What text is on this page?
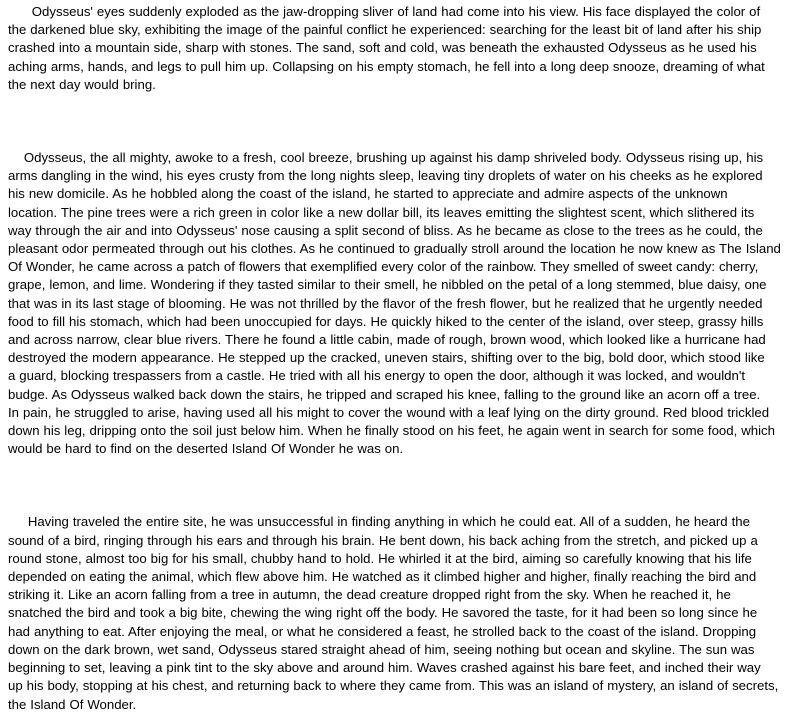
Odysseus' eyes suddenly exploded as the jaw-dropping sliver of land had come into his view. His face displayed the color of
the darkened blue sky, exhibiting the image of the painful conflict he experienced: searching for the least bit of land after his ship
crashed into a mountain side, sharp with stones. The sand, soft and cold, was beneath the exhausted Odysseus as he used his
aching arms, hands, and legs to pull him up. Collapsing on his empty stomach, he fell into a long deep snooze, dreaming of what
the next day would bring.

Odysseus, the all mighty, awoke to a fresh, cool breeze, brushing up against his damp shriveled body. Odysseus rising up, his
arms dangling in the wind, his eyes crusty from the long nights sleep, leaving tiny droplets of water on his cheeks as he explored
his new domicile. As he hobbled along the coast of the island, he started to appreciate and admire aspects of the unknown
location. The pine trees were a rich green in color like a new dollar bill, its leaves emitting the slightest scent, which slithered its
way through the air and into Odysseus' nose causing a split second of bliss. As he became as close to the trees as he could, the
pleasant odor permeated through out his clothes. As he continued to gradually stroll around the location he now knew as The Island
Of Wonder, he came across a patch of flowers that exemplified every color of the rainbow. They smelled of sweet candy: cherry,
grape, lemon, and lime. Wondering if they tasted similar to their smell, he nibbled on the petal of a long stemmed, blue daisy, one
that was in its last stage of blooming. He was not thrilled by the flavor of the fresh flower, but he realized that he urgently needed
food to fill his stomach, which had been unoccupied for days. He quickly hiked to the center of the island, over steep, grassy hills
and across narrow, clear blue rivers. There he found a little cabin, made of rough, brown wood, which looked like a hurricane had
destroyed the modern appearance. He stepped up the cracked, uneven stairs, shifting over to the big, bold door, which stood like
a guard, blocking trespassers from a castle. He tried with all his energy to open the door, although it was locked, and wouldn't
budge. As Odysseus walked back down the stairs, he tripped and scraped his knee, falling to the ground like an acorn off a tree.
In pain, he struggled to arise, having used all his might to cover the wound with a leaf lying on the dirty ground. Red blood trickled
down his leg, dripping onto the soil just below him. When he finally stood on his feet, he again went in search for some food, which
would be hard to find on the deserted Island Of Wonder he was on.

Having traveled the entire site, he was unsuccessful in finding anything in which he could eat. All of a sudden, he heard the
sound of a bird, ringing through his ears and through his brain. He bent down, his back aching from the stretch, and picked up a
round stone, almost too big for his small, chubby hand to hold. He whirled it at the bird, aiming so carefully knowing that his life
depended on eating the animal, which flew above him. He watched as it climbed higher and higher, finally reaching the bird and
striking it. Like an acorn falling from a tree in autumn, the dead creature dropped right from the sky. When he reached it, he
snatched the bird and took a big bite, chewing the wing right off the body. He savored the taste, for it had been so long since he
had anything to eat. After enjoying the meal, or what he considered a feast, he strolled back to the coast of the island. Dropping
down on the dark brown, wet sand, Odysseus stared straight ahead of him, seeing nothing but ocean and skyline. The sun was
beginning to set, leaving a pink tint to the sky above and around him. Waves crashed against his bare feet, and inched their way
up his body, stopping at his chest, and returning back to where they came from. This was an island of mystery, an island of secrets,
the Island Of Wonder.
